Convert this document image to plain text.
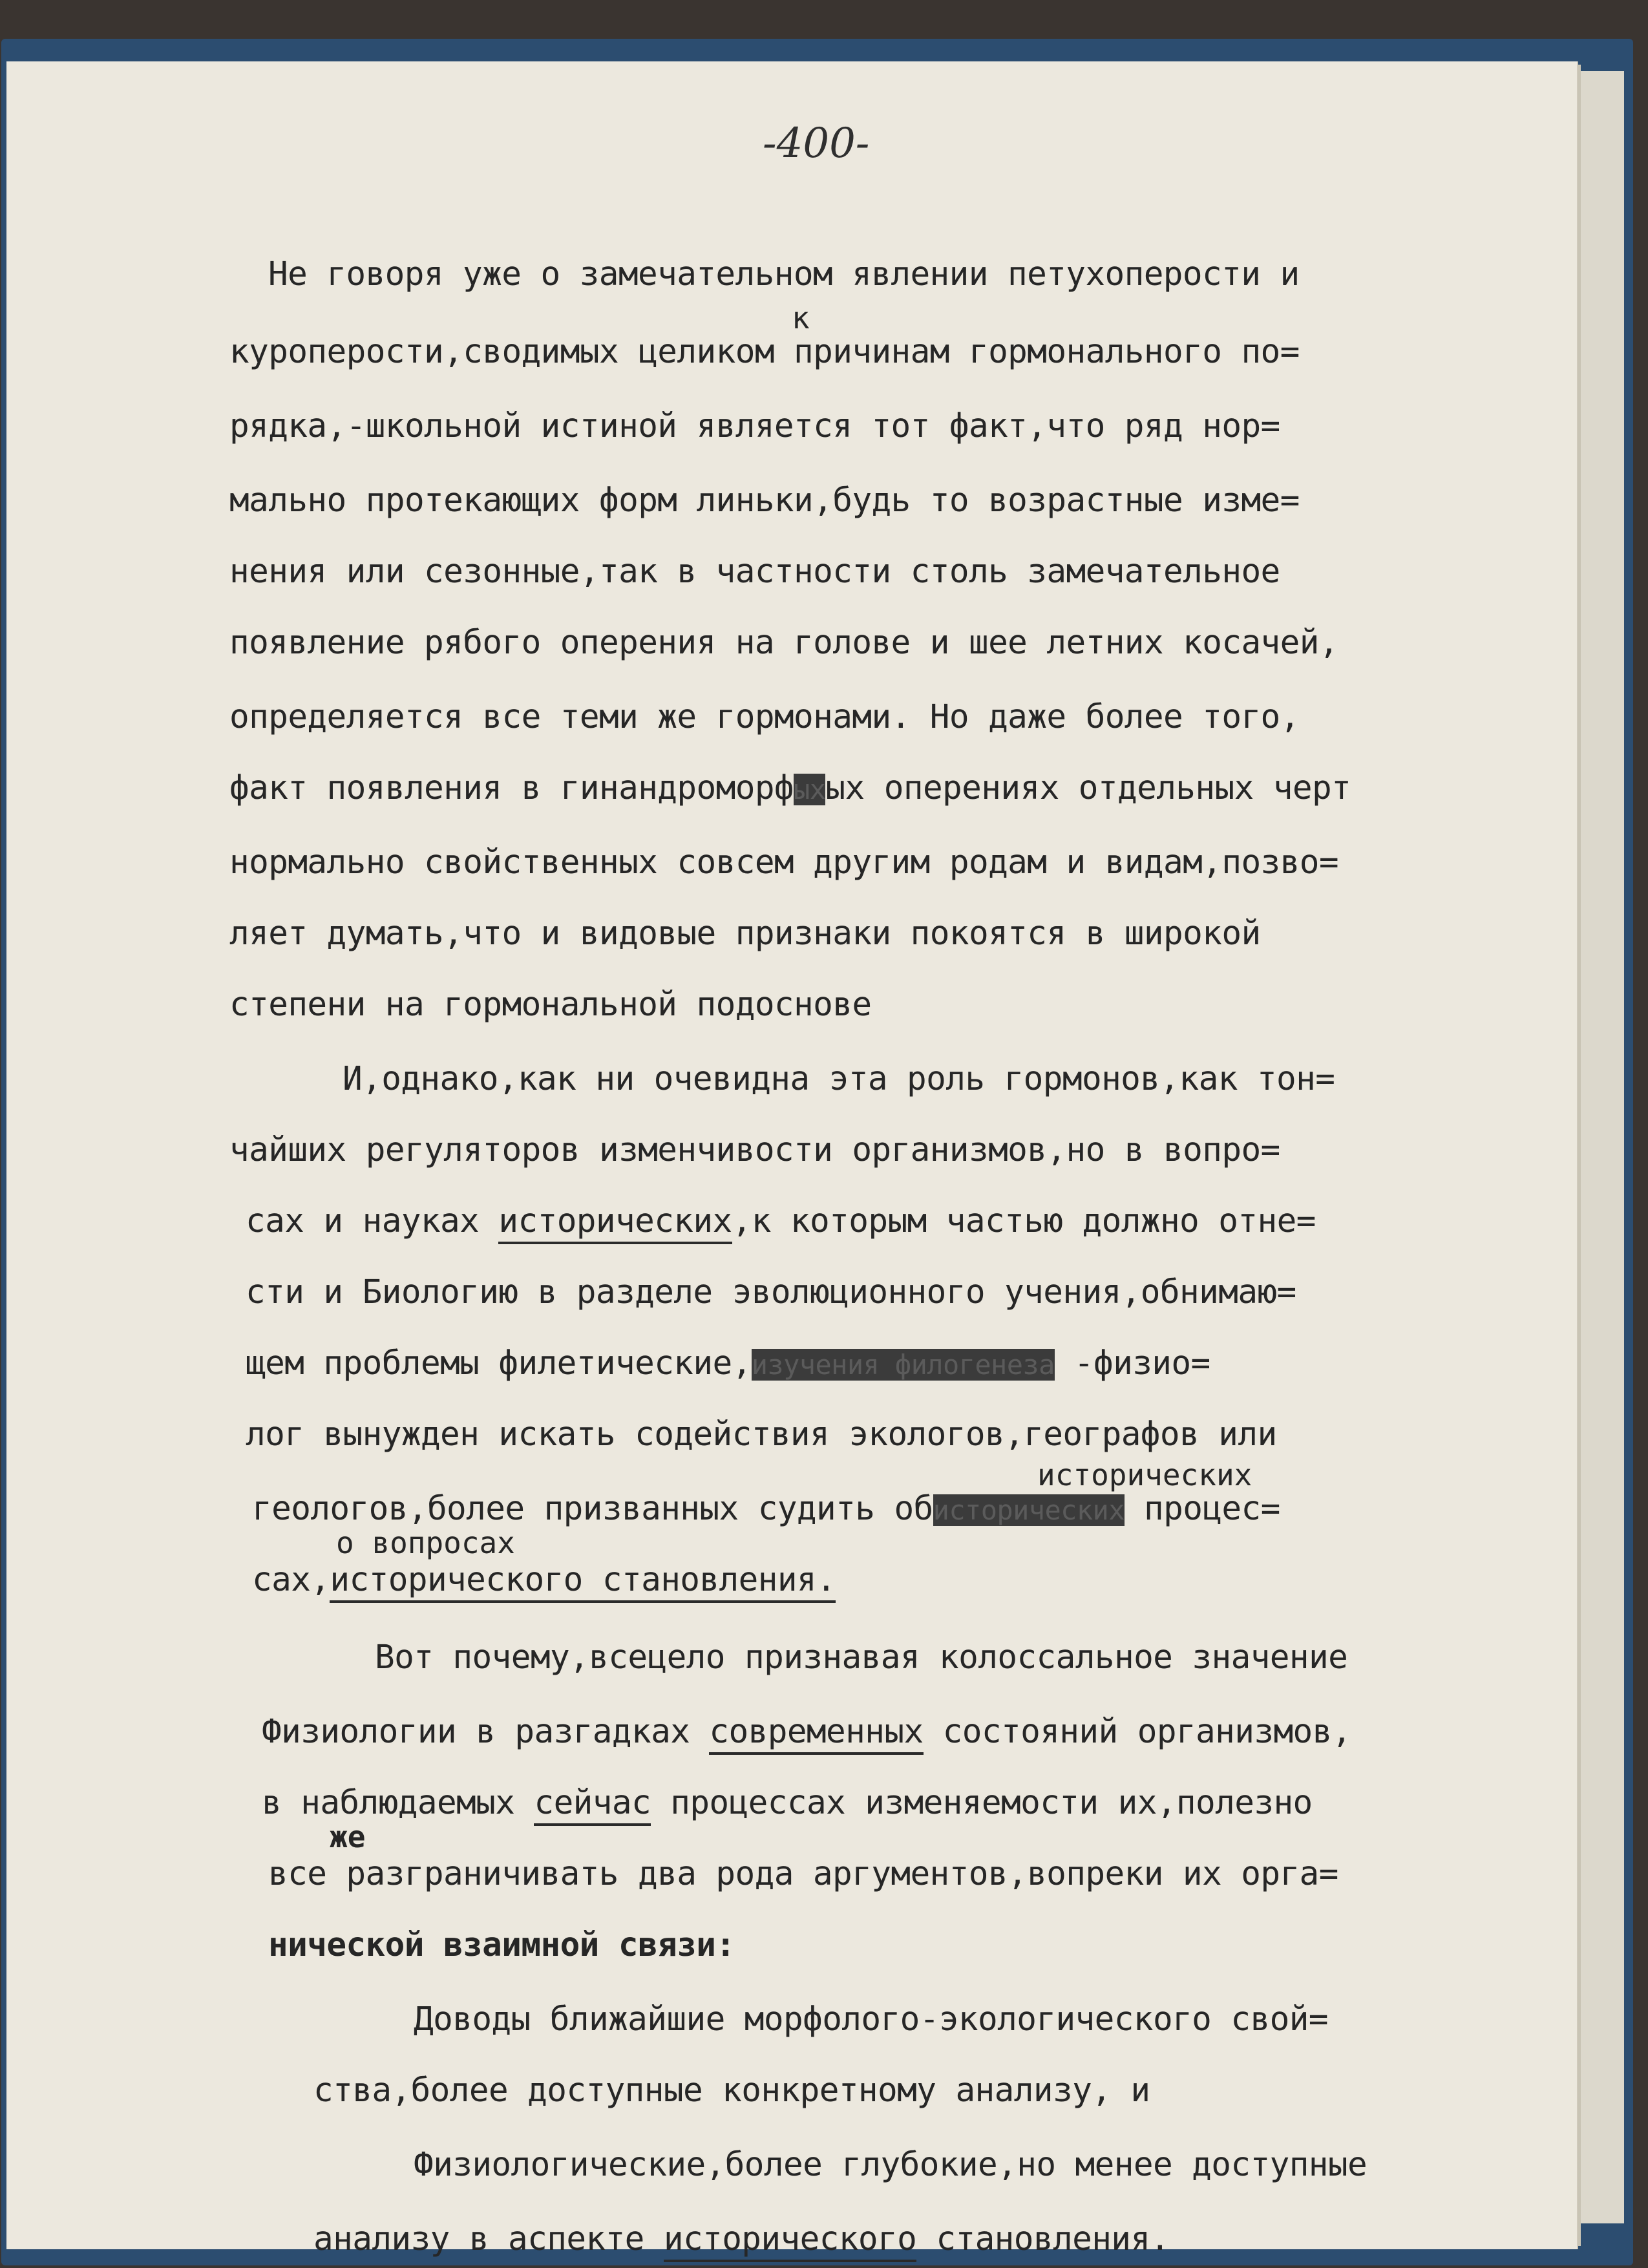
-400-
Не говоря уже о замечательном явлении петухоперости и
к
куроперости,сводимых целиком причинам гормонального по=
рядка,-школьной истиной является тот факт,что ряд нор=
мально протекающих форм линьки,будь то возрастные изме=
нения или сезонные,так в частности столь замечательное
появление рябого оперения на голове и шее летних косачей,
определяется все теми же гормонами. Но даже более того,
факт появления в гинандроморфыхых оперениях отдельных черт
нормально свойственных совсем другим родам и видам,позво=
ляет думать,что и видовые признаки покоятся в широкой
степени на гормональной подоснове
И,однако,как ни очевидна эта роль гормонов,как тон=
чайших регуляторов изменчивости организмов,но в вопро=
сах и науках исторических,к которым частью должно отне=
сти и Биологию в разделе эволюционного учения,обнимаю=
щем проблемы филетические,изучения филогенеза -физио=
лог вынужден искать содействия экологов,географов или
исторических
геологов,более призванных судить обисторических процес=
о вопросах
сах,исторического становления.
Вот почему,всецело признавая колоссальное значение
Физиологии в разгадках современных состояний организмов,
в наблюдаемых сейчас процессах изменяемости их,полезно
же
все разграничивать два рода аргументов,вопреки их орга=
нической взаимной связи:
Доводы ближайшие морфолого-экологического свой=
ства,более доступные конкретному анализу, и
Физиологические,более глубокие,но менее доступные
анализу в аспекте исторического становления.
